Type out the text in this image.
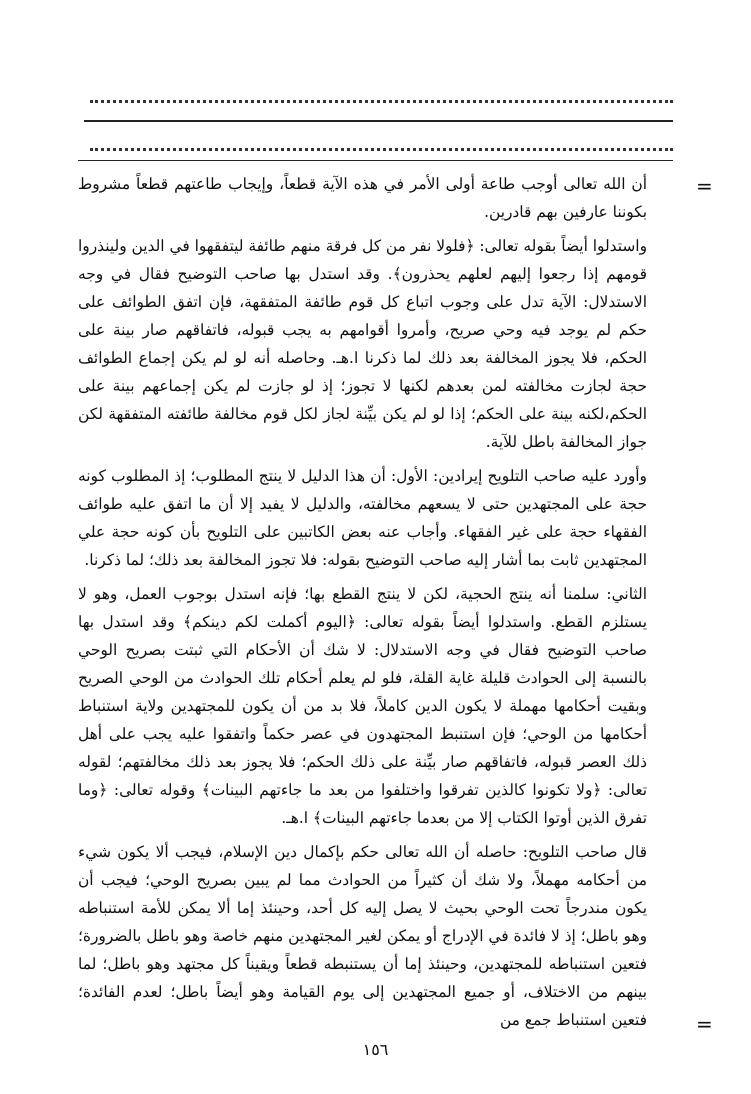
=

أن الله تعالى أوجب طاعة أولى الأمر في هذه الآية قطعاً، وإيجاب طاعتهم قطعاً مشروط بكوننا عارفين بهم قادرين.

واستدلوا أيضاً بقوله تعالى: ﴿فلولا نفر من كل فرقة منهم طائفة ليتفقهوا في الدين ولينذروا قومهم إذا رجعوا إليهم لعلهم يحذرون﴾. وقد استدل بها صاحب التوضيح فقال في وجه الاستدلال: الآية تدل على وجوب اتباع كل قوم طائفة المتفقهة، فإن اتفق الطوائف على حكم لم يوجد فيه وحي صريح، وأمروا أقوامهم به يجب قبوله، فاتفاقهم صار بينة على الحكم، فلا يجوز المخالفة بعد ذلك لما ذكرنا ا.هـ. وحاصله أنه لو لم يكن إجماع الطوائف حجة لجازت مخالفته لمن بعدهم لكنها لا تجوز؛ إذ لو جازت لم يكن إجماعهم بينة على الحكم،لكنه بينة على الحكم؛ إذا لو لم يكن بيِّنة لجاز لكل قوم مخالفة طائفته المتفقهة لكن جواز المخالفة باطل للآية.

وأورد عليه صاحب التلويح إيرادين: الأول: أن هذا الدليل لا ينتج المطلوب؛ إذ المطلوب كونه حجة على المجتهدين حتى لا يسعهم مخالفته، والدليل لا يفيد إلا أن ما اتفق عليه طوائف الفقهاء حجة على غير الفقهاء. وأجاب عنه بعض الكاتبين على التلويح بأن كونه حجة علي المجتهدين ثابت بما أشار إليه صاحب التوضيح بقوله: فلا تجوز المخالفة بعد ذلك؛ لما ذكرنا.

الثاني: سلمنا أنه ينتج الحجية، لكن لا ينتج القطع بها؛ فإنه استدل بوجوب العمل، وهو لا يستلزم القطع. واستدلوا أيضاً بقوله تعالى: ﴿اليوم أكملت لكم دينكم﴾ وقد استدل بها صاحب التوضيح فقال في وجه الاستدلال: لا شك أن الأحكام التي ثبتت بصريح الوحي بالنسبة إلى الحوادث قليلة غاية القلة، فلو لم يعلم أحكام تلك الحوادث من الوحي الصريح وبقيت أحكامها مهملة لا يكون الدين كاملاً، فلا بد من أن يكون للمجتهدين ولاية استنباط أحكامها من الوحي؛ فإن استنبط المجتهدون في عصر حكماً واتفقوا عليه يجب على أهل ذلك العصر قبوله، فاتفاقهم صار بيِّنة على ذلك الحكم؛ فلا يجوز بعد ذلك مخالفتهم؛ لقوله تعالى: ﴿ولا تكونوا كالذين تفرقوا واختلفوا من بعد ما جاءتهم البينات﴾ وقوله تعالى: ﴿وما تفرق الذين أوتوا الكتاب إلا من بعدما جاءتهم البينات﴾ ا.هـ.

قال صاحب التلويح: حاصله أن الله تعالى حكم بإكمال دين الإسلام، فيجب ألا يكون شيء من أحكامه مهملاً، ولا شك أن كثيراً من الحوادث مما لم يبين بصريح الوحي؛ فيجب أن يكون مندرجاً تحت الوحي بحيث لا يصل إليه كل أحد، وحينئذ إما ألا يمكن للأمة استنباطه وهو باطل؛ إذ لا فائدة في الإدراج أو يمكن لغير المجتهدين منهم خاصة وهو باطل بالضرورة؛ فتعين استنباطه للمجتهدين، وحينئذ إما أن يستنبطه قطعاً ويقيناً كل مجتهد وهو باطل؛ لما بينهم من الاختلاف، أو جميع المجتهدين إلى يوم القيامة وهو أيضاً باطل؛ لعدم الفائدة؛ فتعين استنباط جمع من =
١٥٦
